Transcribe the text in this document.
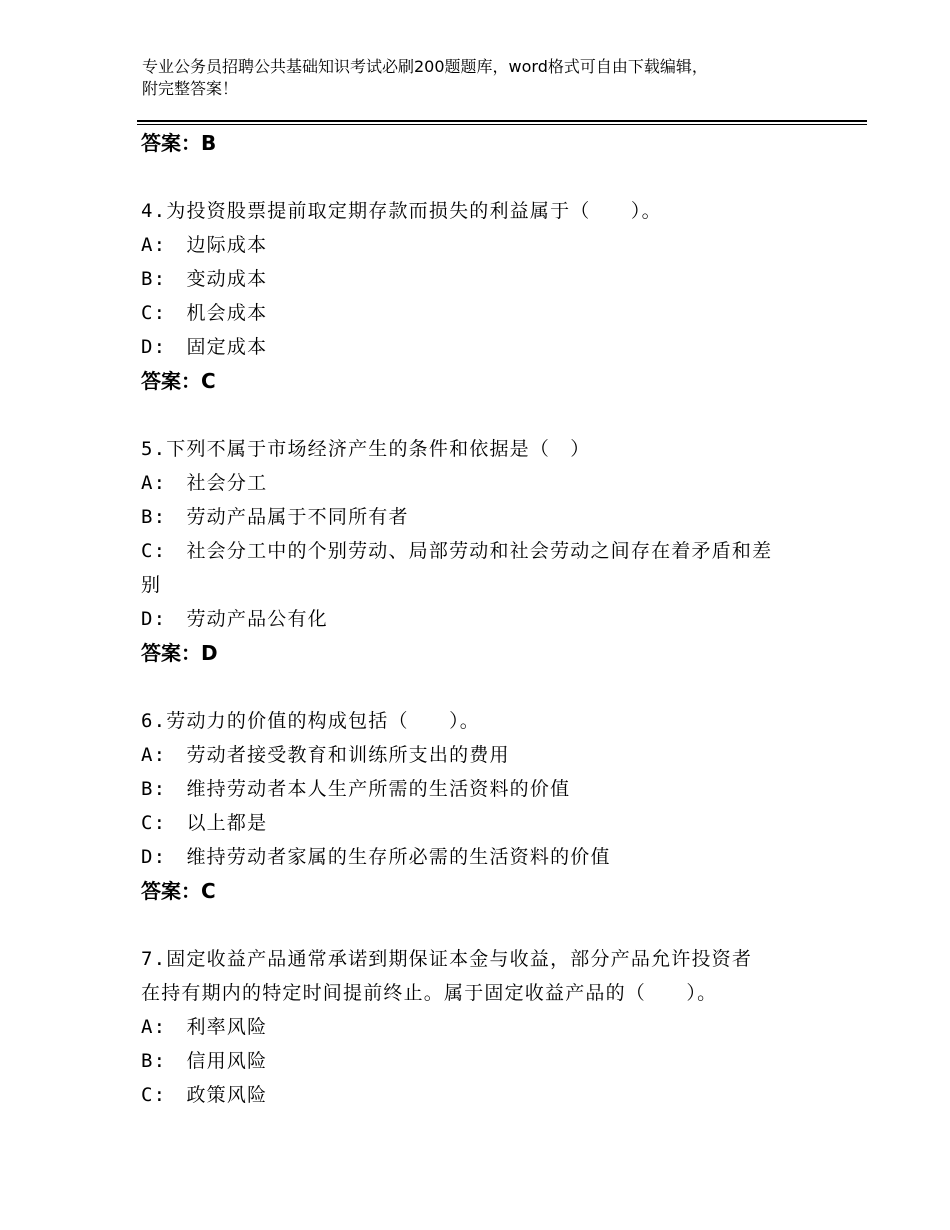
专业公务员招聘公共基础知识考试必刷200题题库，word格式可自由下载编辑，
附完整答案！
答案：B
4.为投资股票提前取定期存款而损失的利益属于（　　）。
A:　边际成本
B:　变动成本
C:　机会成本
D:　固定成本
答案：C
5.下列不属于市场经济产生的条件和依据是（　）
A:　社会分工
B:　劳动产品属于不同所有者
C:　社会分工中的个别劳动、局部劳动和社会劳动之间存在着矛盾和差
别
D:　劳动产品公有化
答案：D
6.劳动力的价值的构成包括（　　）。
A:　劳动者接受教育和训练所支出的费用
B:　维持劳动者本人生产所需的生活资料的价值
C:　以上都是
D:　维持劳动者家属的生存所必需的生活资料的价值
答案：C
7.固定收益产品通常承诺到期保证本金与收益，部分产品允许投资者
在持有期内的特定时间提前终止。属于固定收益产品的（　　）。
A:　利率风险
B:　信用风险
C:　政策风险
